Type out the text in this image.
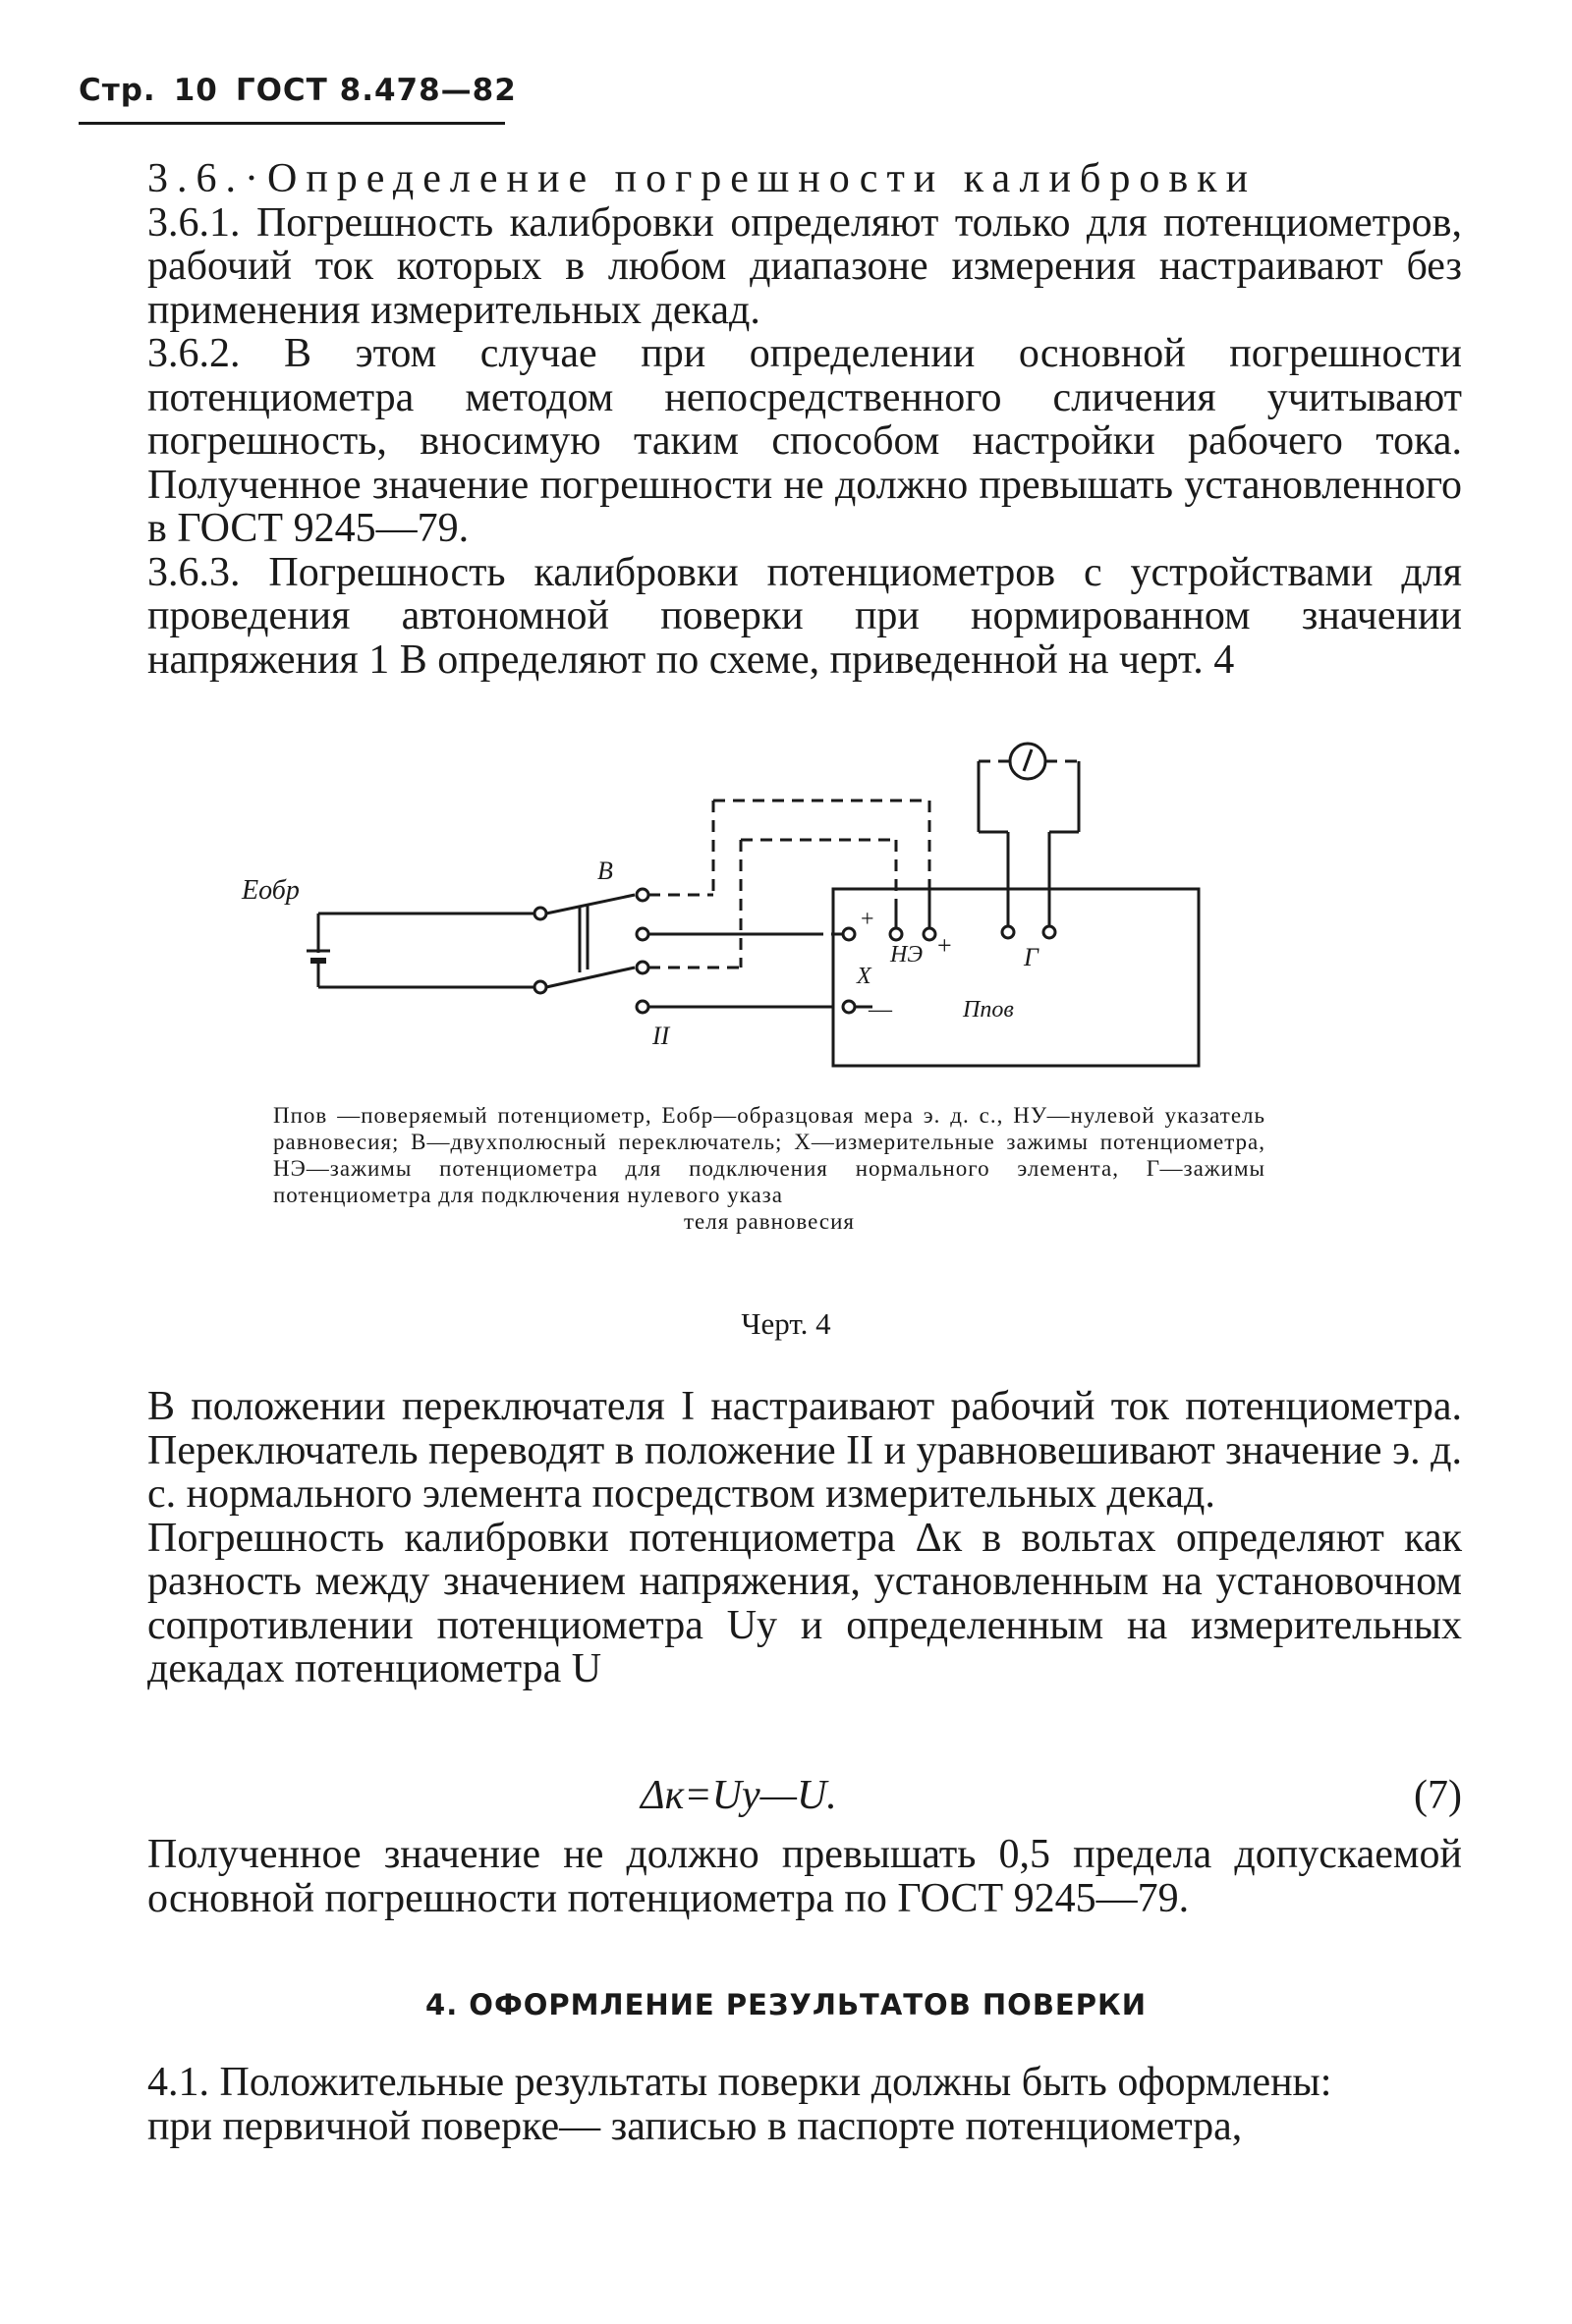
Стр. 10 ГОСТ 8.478—82

3.6.·Определение погрешности калибровки

3.6.1. Погрешность калибровки определяют только для потенциометров, рабочий ток которых в любом диапазоне измерения настраивают без применения измерительных декад.

3.6.2. В этом случае при определении основной погрешности потенциометра методом непосредственного сличения учитывают погрешность, вносимую таким способом настройки рабочего тока. Полученное значение погрешности не должно превышать установленного в ГОСТ 9245—79.

3.6.3. Погрешность калибровки потенциометров с устройствами для проведения автономной поверки при нормированном значении напряжения 1 В определяют по схеме, приведенной на черт. 4

Eобр
В
II
+
X
—
НЭ +	Г
Ппов
Ппов —поверяемый потенциометр, Eобр—образцовая мера э. д. с., НУ—нулевой указатель равновесия; В—двухполюсный переключатель; X—измерительные зажимы потенциометра, НЭ—зажимы потенциометра для подключения нормального элемента, Г—зажимы потенциометра для подключения нулевого указа
теля равновесия
Черт. 4

В положении переключателя I настраивают рабочий ток потенциометра. Переключатель переводят в положение II и уравновешивают значение э. д. с. нормального элемента посредством измерительных декад.

Погрешность калибровки потенциометра Δк в вольтах определяют как разность между значением напряжения, установленным на установочном сопротивлении потенциометра Uу и определенным на измерительных декадах потенциометра U

Δк=Uу—U.	(7)

Полученное значение не должно превышать 0,5 предела допускаемой основной погрешности потенциометра по ГОСТ 9245—79.

4. ОФОРМЛЕНИЕ РЕЗУЛЬТАТОВ ПОВЕРКИ

4.1. Положительные результаты поверки должны быть оформлены:

при первичной поверке— записью в паспорте потенциометра,
